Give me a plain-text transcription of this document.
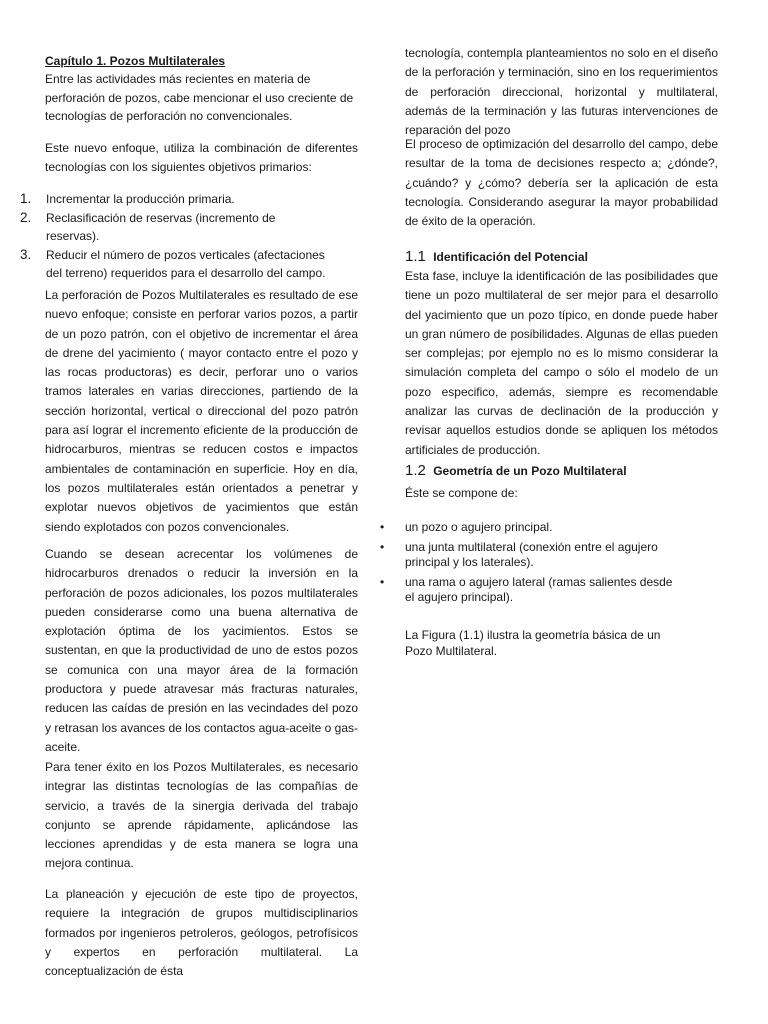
Capítulo 1. Pozos Multilaterales

Entre las actividades más recientes en materia de perforación de pozos, cabe mencionar el uso creciente de tecnologías de perforación no convencionales.

Este nuevo enfoque, utiliza la combinación de diferentes tecnologías con los siguientes objetivos primarios:

1. Incrementar la producción primaria.
2. Reclasificación de reservas (incremento de reservas).
3. Reducir el número de pozos verticales (afectaciones del terreno) requeridos para el desarrollo del campo.

La perforación de Pozos Multilaterales es resultado de ese nuevo enfoque; consiste en perforar varios pozos, a partir de un pozo patrón, con el objetivo de incrementar el área de drene del yacimiento ( mayor contacto entre el pozo y las rocas productoras) es decir, perforar uno o varios tramos laterales en varias direcciones, partiendo de la sección horizontal, vertical o direccional del pozo patrón para así lograr el incremento eficiente de la producción de hidrocarburos, mientras se reducen costos e impactos ambientales de contaminación en superficie. Hoy en día, los pozos multilaterales están orientados a penetrar y explotar nuevos objetivos de yacimientos que están siendo explotados con pozos convencionales.

Cuando se desean acrecentar los volúmenes de hidrocarburos drenados o reducir la inversión en la perforación de pozos adicionales, los pozos multilaterales pueden considerarse como una buena alternativa de explotación óptima de los yacimientos. Estos se sustentan, en que la productividad de uno de estos pozos se comunica con una mayor área de la formación productora y puede atravesar más fracturas naturales, reducen las caídas de presión en las vecindades del pozo y retrasan los avances de los contactos agua-aceite o gas-aceite.

Para tener éxito en los Pozos Multilaterales, es necesario integrar las distintas tecnologías de las compañías de servicio, a través de la sinergia derivada del trabajo conjunto se aprende rápidamente, aplicándose las lecciones aprendidas y de esta manera se logra una mejora continua.

La planeación y ejecución de este tipo de proyectos, requiere la integración de grupos multidisciplinarios formados por ingenieros petroleros, geólogos, petrofísicos y expertos en perforación multilateral. La conceptualización de ésta

tecnología, contempla planteamientos no solo en el diseño de la perforación y terminación, sino en los requerimientos de perforación direccional, horizontal y multilateral, además de la terminación y las futuras intervenciones de reparación del pozo

El proceso de optimización del desarrollo del campo, debe resultar de la toma de decisiones respecto a; ¿dónde?, ¿cuándo? y ¿cómo? debería ser la aplicación de esta tecnología. Considerando asegurar la mayor probabilidad de éxito de la operación.

1.1 Identificación del Potencial

Esta fase, incluye la identificación de las posibilidades que tiene un pozo multilateral de ser mejor para el desarrollo del yacimiento que un pozo típico, en donde puede haber un gran número de posibilidades. Algunas de ellas pueden ser complejas; por ejemplo no es lo mismo considerar la simulación completa del campo o sólo el modelo de un pozo especifico, además, siempre es recomendable analizar las curvas de declinación de la producción y revisar aquellos estudios donde se apliquen los métodos artificiales de producción.

1.2 Geometría de un Pozo Multilateral

Éste se compone de:

• un pozo o agujero principal.
• una junta multilateral (conexión entre el agujero principal y los laterales).
• una rama o agujero lateral (ramas salientes desde el agujero principal).

La Figura (1.1) ilustra la geometría básica de un Pozo Multilateral.
